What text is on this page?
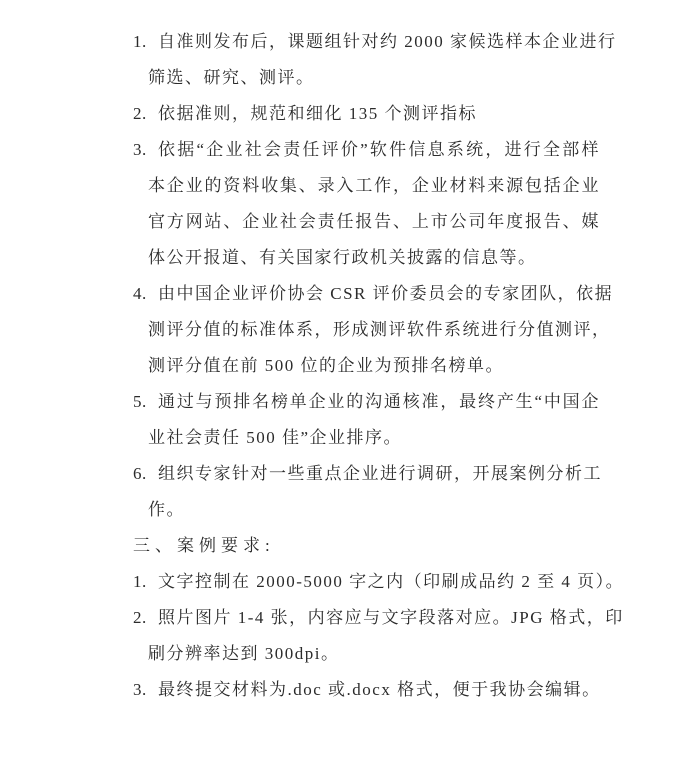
1. 自准则发布后，课题组针对约 2000 家候选样本企业进行
筛选、研究、测评。
2. 依据准则，规范和细化 135 个测评指标
3. 依据“企业社会责任评价”软件信息系统，进行全部样
本企业的资料收集、录入工作，企业材料来源包括企业
官方网站、企业社会责任报告、上市公司年度报告、媒
体公开报道、有关国家行政机关披露的信息等。
4. 由中国企业评价协会 CSR 评价委员会的专家团队，依据
测评分值的标准体系，形成测评软件系统进行分值测评，
测评分值在前 500 位的企业为预排名榜单。
5. 通过与预排名榜单企业的沟通核准，最终产生“中国企
业社会责任 500 佳”企业排序。
6. 组织专家针对一些重点企业进行调研，开展案例分析工
作。
三、案例要求:
1. 文字控制在 2000-5000 字之内（印刷成品约 2 至 4 页）。
2. 照片图片 1-4 张，内容应与文字段落对应。JPG 格式，印
刷分辨率达到 300dpi。
3. 最终提交材料为.doc 或.docx 格式，便于我协会编辑。
